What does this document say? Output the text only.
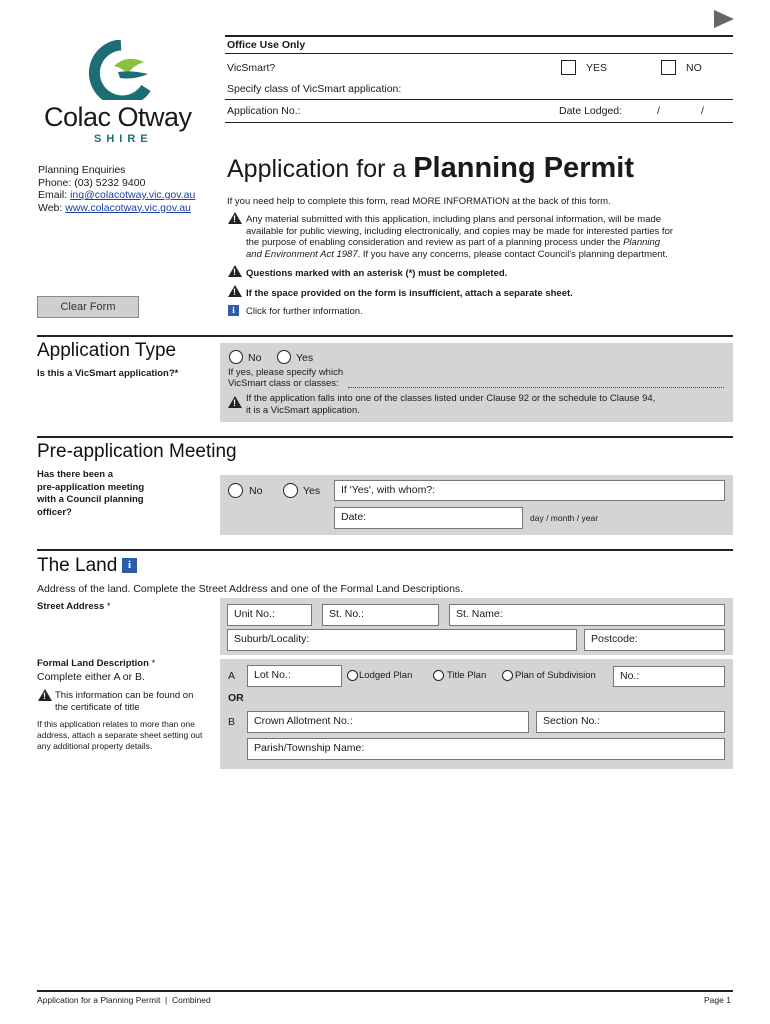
Colac Otway
SHIRE
Planning Enquiries
Phone: (03) 5232 9400
Email: inq@colacotway.vic.gov.au
Web: www.colacotway.vic.gov.au
Clear Form
Office Use Only
VicSmart?	YES	NO
Specify class of VicSmart application:
Application No.:	Date Lodged:	/	/
Application for a Planning Permit
If you need help to complete this form, read MORE INFORMATION at the back of this form.
!
Any material submitted with this application, including plans and personal information, will be made
available for public viewing, including electronically, and copies may be made for interested parties for
the purpose of enabling consideration and review as part of a planning process under the Planning
and Environment Act 1987. If you have any concerns, please contact Council's planning department.
!
Questions marked with an asterisk (*) must be completed.
!
If the space provided on the form is insufficient, attach a separate sheet.
i	Click for further information.
Application Type
Is this a VicSmart application?*
No	Yes
If yes, please specify which
VicSmart class or classes:
!
If the application falls into one of the classes listed under Clause 92 or the schedule to Clause 94,
it is a VicSmart application.
Pre-application Meeting
Has there been a
pre-application meeting
with a Council planning
officer?
No	Yes	If 'Yes', with whom?:
Date:	day / month / year
The Land i
Address of the land. Complete the Street Address and one of the Formal Land Descriptions.
Street Address *
Unit No.:	St. No.:	St. Name:
Suburb/Locality:	Postcode:
Formal Land Description *
Complete either A or B.
!
This information can be found on
the certificate of title
If this application relates to more than one
address, attach a separate sheet setting out
any additional property details.
A	Lot No.:	Lodged Plan	Title Plan	Plan of Subdivision	No.:
OR
B	Crown Allotment No.:	Section No.:
Parish/Township Name:
Application for a Planning Permit  |  Combined	Page 1
